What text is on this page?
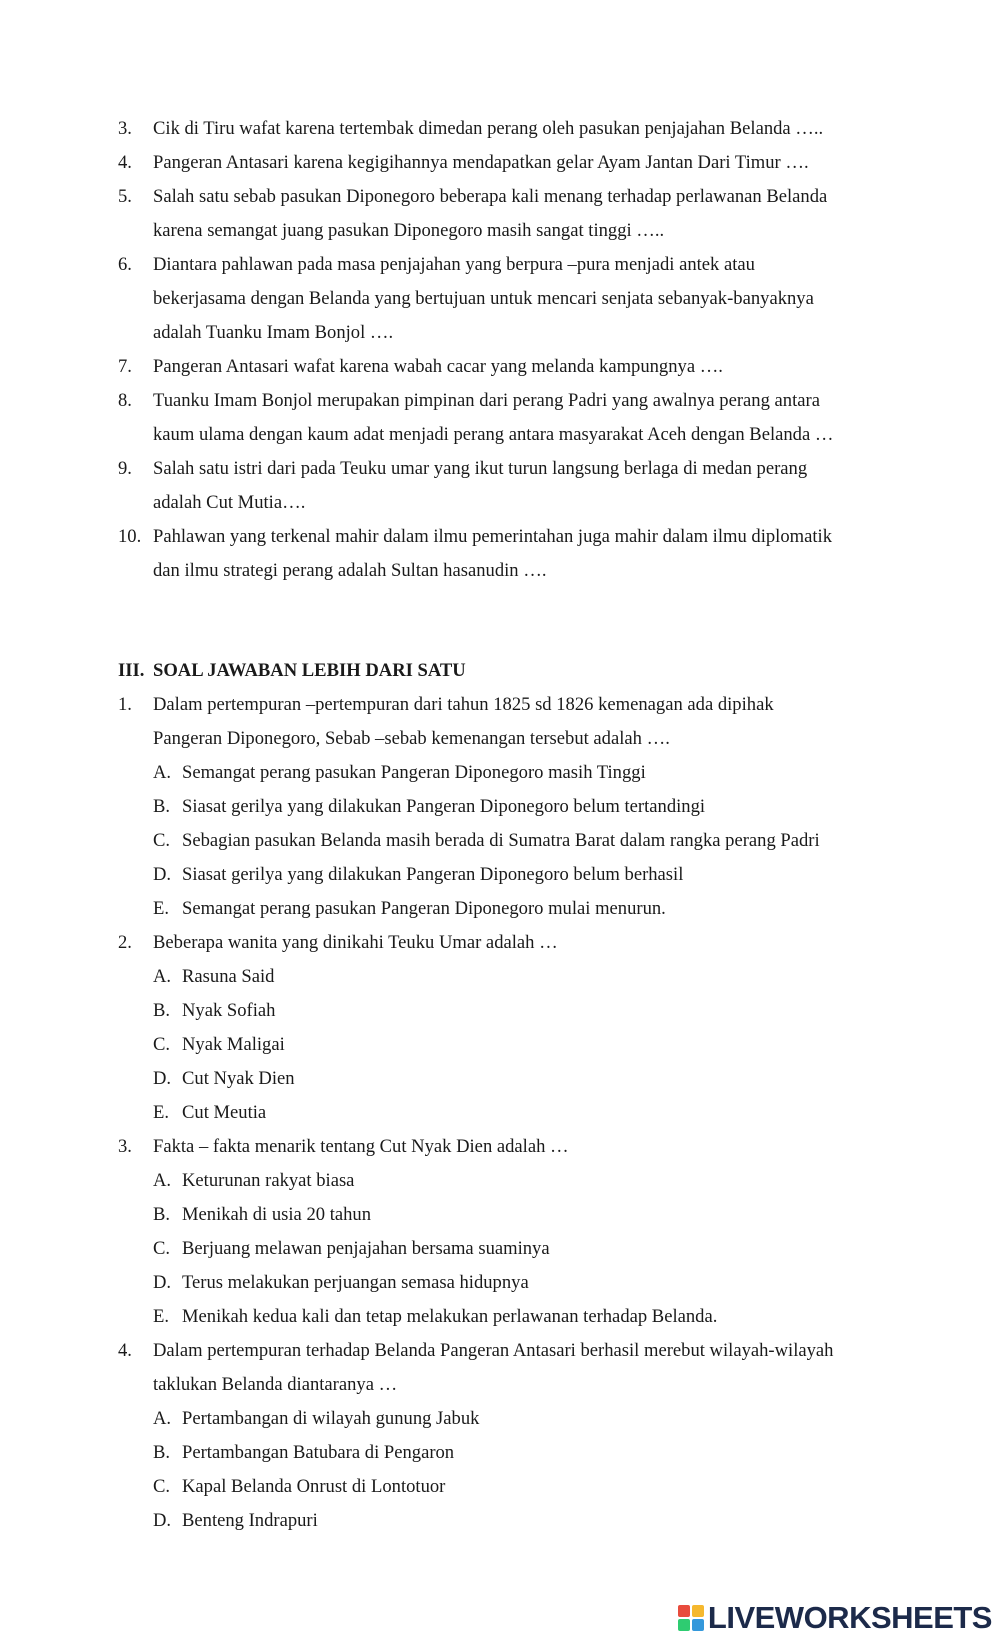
3. Cik di Tiru wafat karena tertembak dimedan perang oleh pasukan penjajahan Belanda …..
4. Pangeran Antasari karena kegigihannya mendapatkan gelar Ayam Jantan Dari Timur ….
5. Salah satu sebab pasukan Diponegoro beberapa kali menang terhadap perlawanan Belanda
karena semangat juang pasukan Diponegoro masih sangat tinggi …..
6. Diantara pahlawan pada masa penjajahan yang berpura –pura menjadi antek atau
bekerjasama dengan Belanda yang bertujuan untuk mencari senjata sebanyak-banyaknya
adalah Tuanku Imam Bonjol ….
7. Pangeran Antasari wafat karena wabah cacar yang melanda kampungnya ….
8. Tuanku Imam Bonjol merupakan pimpinan dari perang Padri yang awalnya perang antara
kaum ulama dengan kaum adat menjadi perang antara masyarakat Aceh dengan Belanda …
9. Salah satu istri dari pada Teuku umar yang ikut turun langsung berlaga di medan perang
adalah Cut Mutia….
10. Pahlawan yang terkenal mahir dalam ilmu pemerintahan juga mahir dalam ilmu diplomatik
dan ilmu strategi perang adalah Sultan hasanudin ….
III. SOAL JAWABAN LEBIH DARI SATU
1. Dalam pertempuran –pertempuran dari tahun 1825 sd 1826 kemenagan ada dipihak
Pangeran Diponegoro, Sebab –sebab kemenangan tersebut adalah ….
A. Semangat perang pasukan Pangeran Diponegoro masih Tinggi
B. Siasat gerilya yang dilakukan Pangeran Diponegoro belum tertandingi
C. Sebagian pasukan Belanda masih berada di Sumatra Barat dalam rangka perang Padri
D. Siasat gerilya yang dilakukan Pangeran Diponegoro belum berhasil
E. Semangat perang pasukan Pangeran Diponegoro mulai menurun.
2. Beberapa wanita yang dinikahi Teuku Umar adalah …
A. Rasuna Said
B. Nyak Sofiah
C. Nyak Maligai
D. Cut Nyak Dien
E. Cut Meutia
3. Fakta – fakta menarik tentang Cut Nyak Dien adalah …
A. Keturunan rakyat biasa
B. Menikah di usia 20 tahun
C. Berjuang melawan penjajahan bersama suaminya
D. Terus melakukan perjuangan semasa hidupnya
E. Menikah kedua kali dan tetap melakukan perlawanan terhadap Belanda.
4. Dalam pertempuran terhadap Belanda Pangeran Antasari berhasil merebut wilayah-wilayah
taklukan Belanda diantaranya …
A. Pertambangan di wilayah gunung Jabuk
B. Pertambangan Batubara di Pengaron
C. Kapal Belanda Onrust di Lontotuor
D. Benteng Indrapuri
LIVEWORKSHEETS
